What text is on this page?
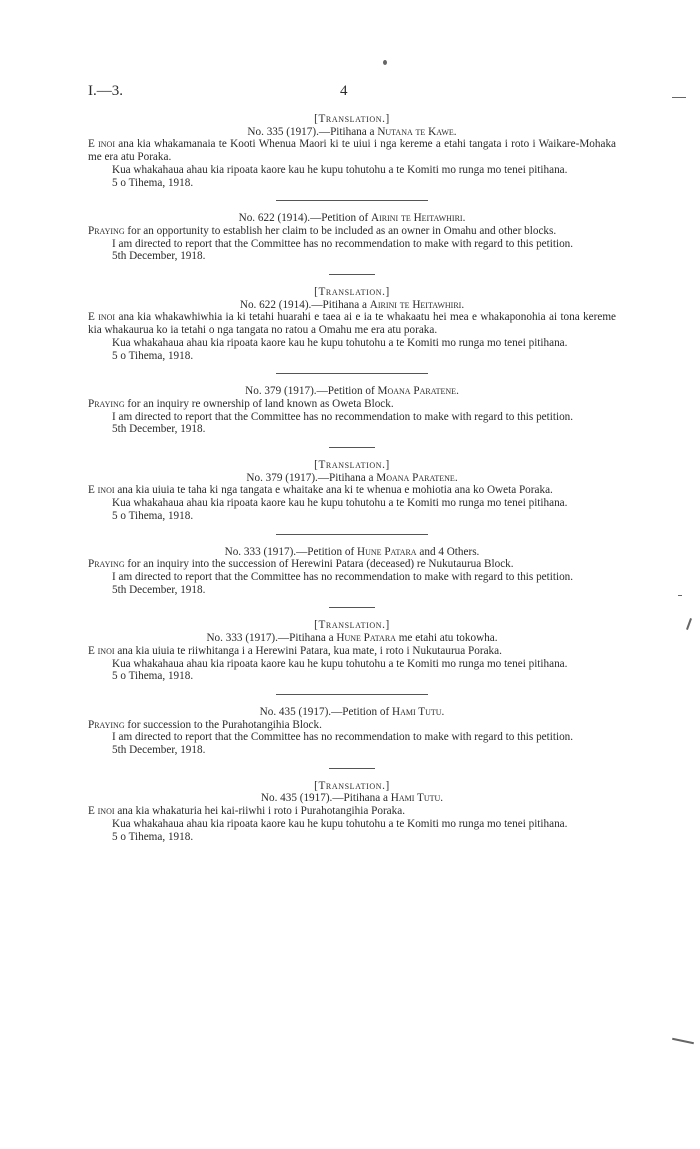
I.—3.	4
[Translation.]
No. 335 (1917).—Pitihana a Nutana te Kawe.

E inoi ana kia whakamanaia te Kooti Whenua Maori ki te uiui i nga kereme a etahi tangata i roto i Waikare-Mohaka me era atu Poraka.

Kua whakahaua ahau kia ripoata kaore kau he kupu tohutohu a te Komiti mo runga mo tenei pitihana.

5 o Tihema, 1918.
No. 622 (1914).—Petition of Airini te Heitawhiri.

Praying for an opportunity to establish her claim to be included as an owner in Omahu and other blocks.

I am directed to report that the Committee has no recommendation to make with regard to this petition.

5th December, 1918.
[Translation.]
No. 622 (1914).—Pitihana a Airini te Heitawhiri.

E inoi ana kia whakawhiwhia ia ki tetahi huarahi e taea ai e ia te whakaatu hei mea e whakaponohia ai tona kereme kia whakaurua ko ia tetahi o nga tangata no ratou a Omahu me era atu poraka.

Kua whakahaua ahau kia ripoata kaore kau he kupu tohutohu a te Komiti mo runga mo tenei pitihana.

5 o Tihema, 1918.
No. 379 (1917).—Petition of Moana Paratene.

Praying for an inquiry re ownership of land known as Oweta Block.

I am directed to report that the Committee has no recommendation to make with regard to this petition.

5th December, 1918.
[Translation.]
No. 379 (1917).—Pitihana a Moana Paratene.

E inoi ana kia uiuia te taha ki nga tangata e whaitake ana ki te whenua e mohiotia ana ko Oweta Poraka.

Kua whakahaua ahau kia ripoata kaore kau he kupu tohutohu a te Komiti mo runga mo tenei pitihana.

5 o Tihema, 1918.
No. 333 (1917).—Petition of Hune Patara and 4 Others.

Praying for an inquiry into the succession of Herewini Patara (deceased) re Nukutaurua Block.

I am directed to report that the Committee has no recommendation to make with regard to this petition.

5th December, 1918.
[Translation.]
No. 333 (1917).—Pitihana a Hune Patara me etahi atu tokowha.

E inoi ana kia uiuia te riiwhitanga i a Herewini Patara, kua mate, i roto i Nukutaurua Poraka.

Kua whakahaua ahau kia ripoata kaore kau he kupu tohutohu a te Komiti mo runga mo tenei pitihana.

5 o Tihema, 1918.
No. 435 (1917).—Petition of Hami Tutu.

Praying for succession to the Purahotangihia Block.

I am directed to report that the Committee has no recommendation to make with regard to this petition.

5th December, 1918.
[Translation.]
No. 435 (1917).—Pitihana a Hami Tutu.

E inoi ana kia whakaturia hei kai-riiwhi i roto i Purahotangihia Poraka.

Kua whakahaua ahau kia ripoata kaore kau he kupu tohutohu a te Komiti mo runga mo tenei pitihana.

5 o Tihema, 1918.
